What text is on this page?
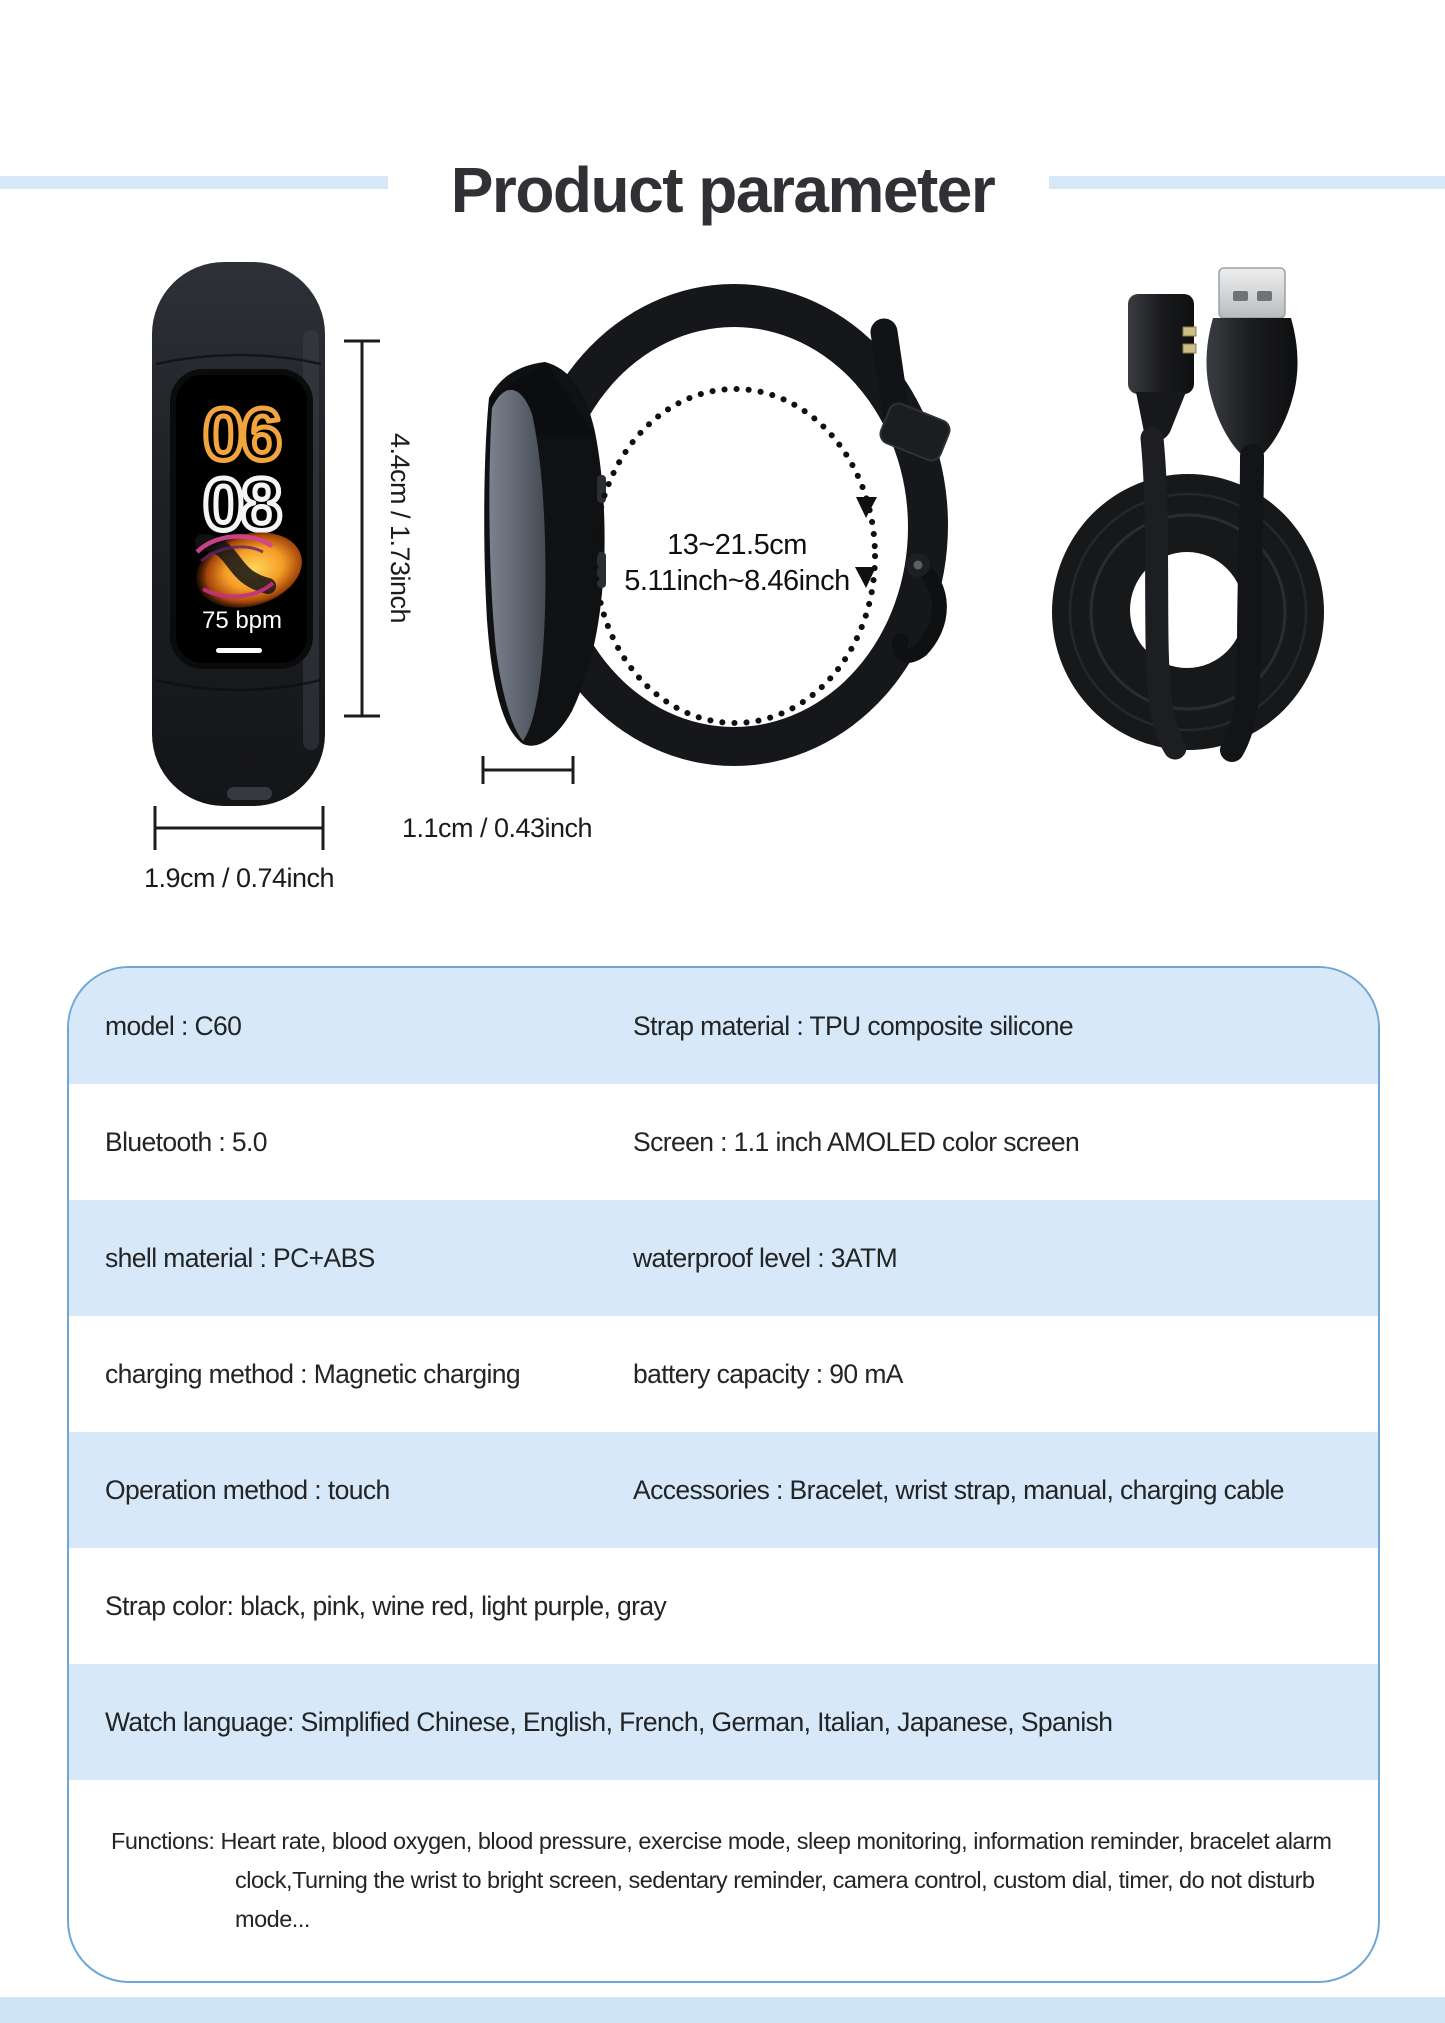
Product parameter
06
08
75 bpm	4.4cm / 1.73inch
1.9cm / 0.74inch
13~21.5cm
5.11inch~8.46inch
1.1cm / 0.43inch
model : C60	Strap material : TPU composite silicone
Bluetooth : 5.0	Screen : 1.1 inch AMOLED color screen
shell material : PC+ABS	waterproof level : 3ATM
charging method : Magnetic charging	battery capacity : 90 mA
Operation method : touch	Accessories : Bracelet, wrist strap, manual, charging cable
Strap color: black, pink, wine red, light purple, gray
Watch language: Simplified Chinese, English, French, German, Italian, Japanese, Spanish
Functions: Heart rate, blood oxygen, blood pressure, exercise mode, sleep monitoring, information reminder, bracelet alarm clock,Turning the wrist to bright screen, sedentary reminder, camera control, custom dial, timer, do not disturb mode...
